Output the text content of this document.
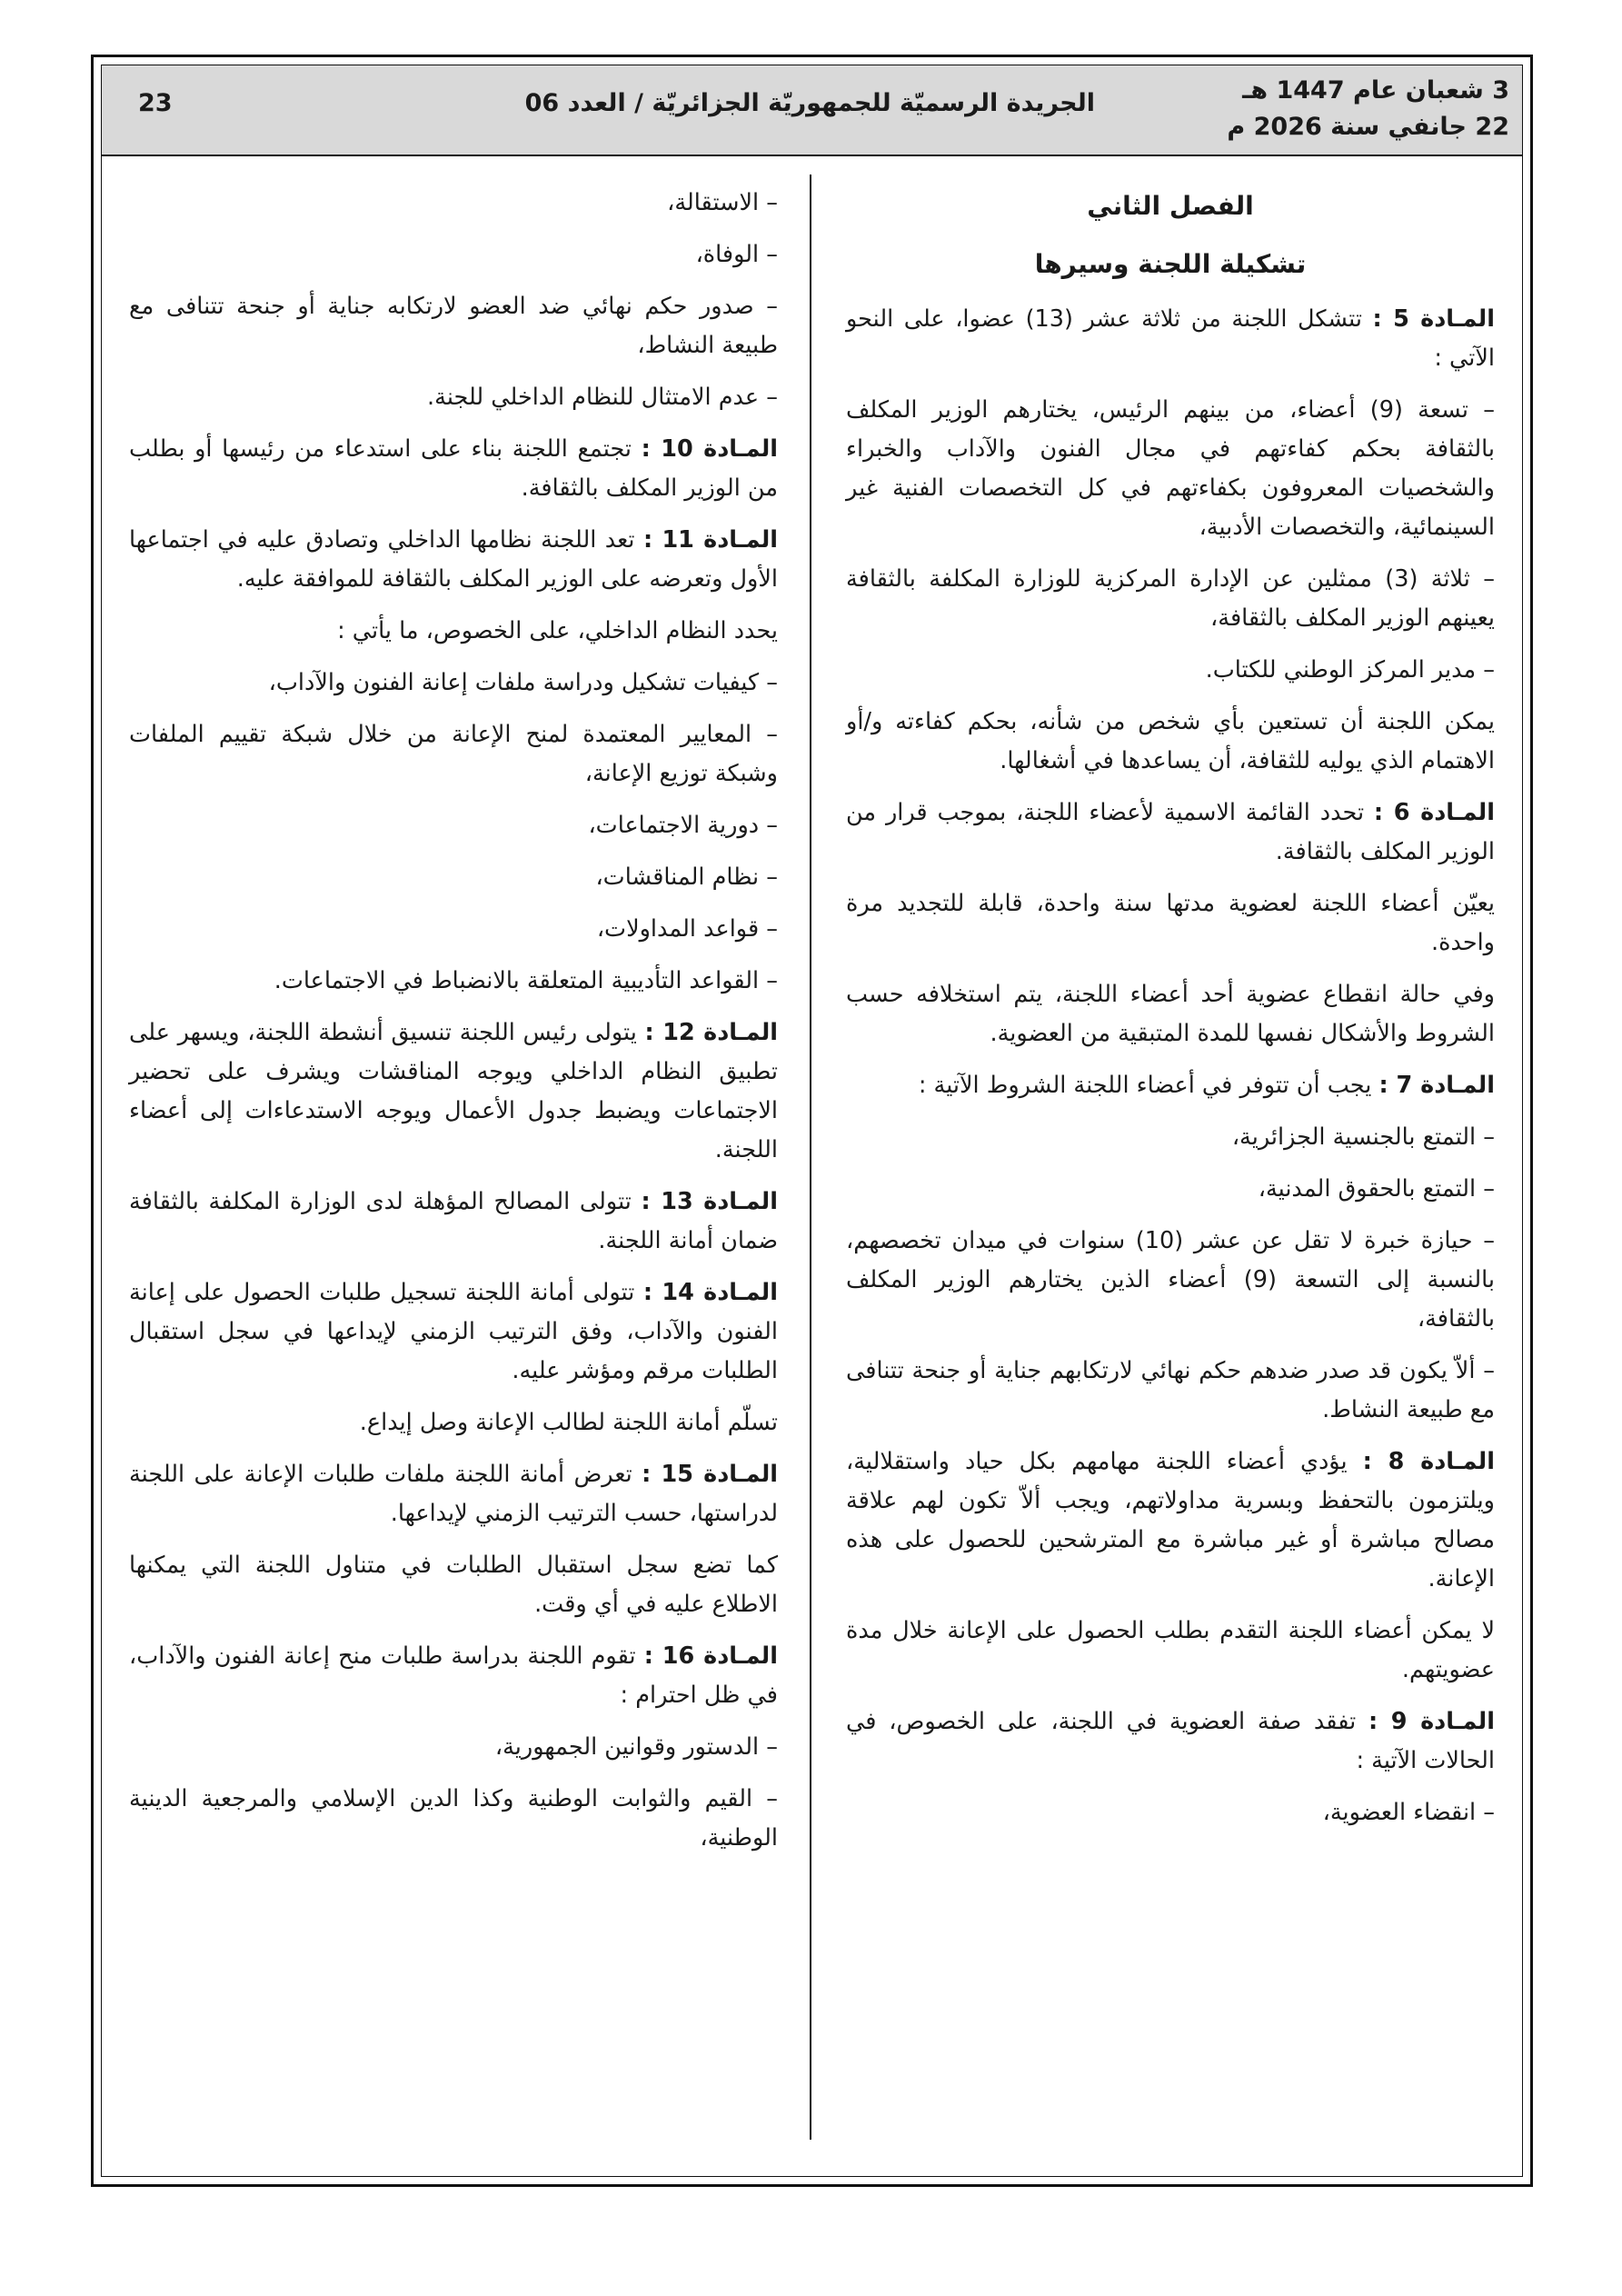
3 شعبان عام 1447 هـ
22 جانفي سنة 2026 م
الجريدة الرسميّة للجمهوريّة الجزائريّة / العدد 06
23
الفصل الثاني
تشكيلة اللجنة وسيرها

المـادة 5 : تتشكل اللجنة من ثلاثة عشر (13) عضوا، على النحو الآتي :

– تسعة (9) أعضاء، من بينهم الرئيس، يختارهم الوزير المكلف بالثقافة بحكم كفاءتهم في مجال الفنون والآداب والخبراء والشخصيات المعروفون بكفاءتهم في كل التخصصات الفنية غير السينمائية، والتخصصات الأدبية،

– ثلاثة (3) ممثلين عن الإدارة المركزية للوزارة المكلفة بالثقافة يعينهم الوزير المكلف بالثقافة،

– مدير المركز الوطني للكتاب.

يمكن اللجنة أن تستعين بأي شخص من شأنه، بحكم كفاءته و/أو الاهتمام الذي يوليه للثقافة، أن يساعدها في أشغالها.

المـادة 6 : تحدد القائمة الاسمية لأعضاء اللجنة، بموجب قرار من الوزير المكلف بالثقافة.

يعيّن أعضاء اللجنة لعضوية مدتها سنة واحدة، قابلة للتجديد مرة واحدة.

وفي حالة انقطاع عضوية أحد أعضاء اللجنة، يتم استخلافه حسب الشروط والأشكال نفسها للمدة المتبقية من العضوية.

المـادة 7 : يجب أن تتوفر في أعضاء اللجنة الشروط الآتية :

– التمتع بالجنسية الجزائرية،

– التمتع بالحقوق المدنية،

– حيازة خبرة لا تقل عن عشر (10) سنوات في ميدان تخصصهم، بالنسبة إلى التسعة (9) أعضاء الذين يختارهم الوزير المكلف بالثقافة،

– ألاّ يكون قد صدر ضدهم حكم نهائي لارتكابهم جناية أو جنحة تتنافى مع طبيعة النشاط.

المـادة 8 : يؤدي أعضاء اللجنة مهامهم بكل حياد واستقلالية، ويلتزمون بالتحفظ وبسرية مداولاتهم، ويجب ألاّ تكون لهم علاقة مصالح مباشرة أو غير مباشرة مع المترشحين للحصول على هذه الإعانة.

لا يمكن أعضاء اللجنة التقدم بطلب الحصول على الإعانة خلال مدة عضويتهم.

المـادة 9 : تفقد صفة العضوية في اللجنة، على الخصوص، في الحالات الآتية :

– انقضاء العضوية،

– الاستقالة،

– الوفاة،

– صدور حكم نهائي ضد العضو لارتكابه جناية أو جنحة تتنافى مع طبيعة النشاط،

– عدم الامتثال للنظام الداخلي للجنة.

المـادة 10 : تجتمع اللجنة بناء على استدعاء من رئيسها أو بطلب من الوزير المكلف بالثقافة.

المـادة 11 : تعد اللجنة نظامها الداخلي وتصادق عليه في اجتماعها الأول وتعرضه على الوزير المكلف بالثقافة للموافقة عليه.

يحدد النظام الداخلي، على الخصوص، ما يأتي :

– كيفيات تشكيل ودراسة ملفات إعانة الفنون والآداب،

– المعايير المعتمدة لمنح الإعانة من خلال شبكة تقييم الملفات وشبكة توزيع الإعانة،

– دورية الاجتماعات،

– نظام المناقشات،

– قواعد المداولات،

– القواعد التأديبية المتعلقة بالانضباط في الاجتماعات.

المـادة 12 : يتولى رئيس اللجنة تنسيق أنشطة اللجنة، ويسهر على تطبيق النظام الداخلي ويوجه المناقشات ويشرف على تحضير الاجتماعات ويضبط جدول الأعمال ويوجه الاستدعاءات إلى أعضاء اللجنة.

المـادة 13 : تتولى المصالح المؤهلة لدى الوزارة المكلفة بالثقافة ضمان أمانة اللجنة.

المـادة 14 : تتولى أمانة اللجنة تسجيل طلبات الحصول على إعانة الفنون والآداب، وفق الترتيب الزمني لإيداعها في سجل استقبال الطلبات مرقم ومؤشر عليه.

تسلّم أمانة اللجنة لطالب الإعانة وصل إيداع.

المـادة 15 : تعرض أمانة اللجنة ملفات طلبات الإعانة على اللجنة لدراستها، حسب الترتيب الزمني لإيداعها.

كما تضع سجل استقبال الطلبات في متناول اللجنة التي يمكنها الاطلاع عليه في أي وقت.

المـادة 16 : تقوم اللجنة بدراسة طلبات منح إعانة الفنون والآداب، في ظل احترام :

– الدستور وقوانين الجمهورية،

– القيم والثوابت الوطنية وكذا الدين الإسلامي والمرجعية الدينية الوطنية،
